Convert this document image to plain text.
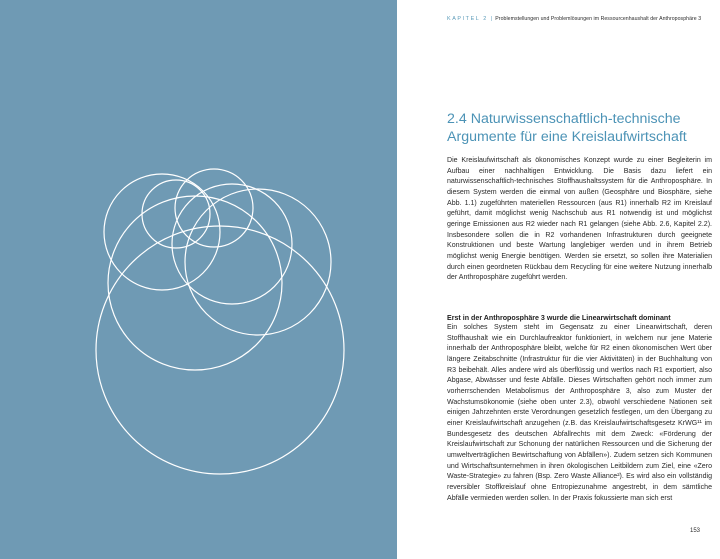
KAPITEL 2 | Problemstellungen und Problemlösungen im Ressourcenhaushalt der Anthroposphäre 3
2.4 Naturwissenschaftlich-technische
Argumente für eine Kreislaufwirtschaft

Die Kreislaufwirtschaft als ökonomisches Konzept wurde zu einer Begleiterin im Aufbau einer nachhaltigen Entwicklung. Die Basis dazu liefert ein naturwissenschaftlich-technisches Stoffhaushaltssystem für die Anthroposphäre. In diesem System werden die einmal von außen (Geosphäre und Biosphäre, siehe Abb. 1.1) zugeführten materiellen Ressourcen (aus R1) innerhalb R2 im Kreislauf geführt, damit möglichst wenig Nachschub aus R1 notwendig ist und möglichst geringe Emissionen aus R2 wieder nach R1 gelangen (siehe Abb. 2.6, Kapitel 2.2). Insbesondere sollen die in R2 vorhandenen Infrastrukturen durch geeignete Konstruktionen und beste Wartung langlebiger werden und in ihrem Betrieb möglichst wenig Energie benötigen. Werden sie ersetzt, so sollen ihre Materialien durch einen geordneten Rückbau dem Recycling für eine weitere Nutzung innerhalb der Anthroposphäre zugeführt werden.

Erst in der Anthroposphäre 3 wurde die Linearwirtschaft dominant

Ein solches System steht im Gegensatz zu einer Linearwirtschaft, deren Stoffhaushalt wie ein Durchlaufreaktor funktioniert, in welchem nur jene Materie innerhalb der Anthroposphäre bleibt, welche für R2 einen ökonomischen Wert über längere Zeitabschnitte (Infrastruktur für die vier Aktivitäten) in der Buchhaltung von R3 beibehält. Alles andere wird als überflüssig und wertlos nach R1 exportiert, also Abgase, Abwässer und feste Abfälle. Dieses Wirtschaften gehört noch immer zum vorherrschenden Metabolismus der Anthroposphäre 3, also zum Muster der Wachstumsökonomie (siehe oben unter 2.3), obwohl verschiedene Nationen seit einigen Jahrzehnten erste Verordnungen gesetzlich festlegen, um den Übergang zu einer Kreislaufwirtschaft anzugehen (z.B. das Kreislaufwirtschaftsgesetz KrWG¹¹ im Bundesgesetz des deutschen Abfallrechts mit dem Zweck: «Förderung der Kreislaufwirtschaft zur Schonung der natürlichen Ressourcen und die Sicherung der umweltverträglichen Bewirtschaftung von Abfällen»). Zudem setzen sich Kommunen und Wirtschaftsunternehmen in ihren ökologischen Leitbildern zum Ziel, eine «Zero Waste-Strategie» zu fahren (Bsp. Zero Waste Alliance²). Es wird also ein vollständig reversibler Stoffkreislauf ohne Entropiezunahme angestrebt, in dem sämtliche Abfälle vermieden werden sollen. In der Praxis fokussierte man sich erst

153
